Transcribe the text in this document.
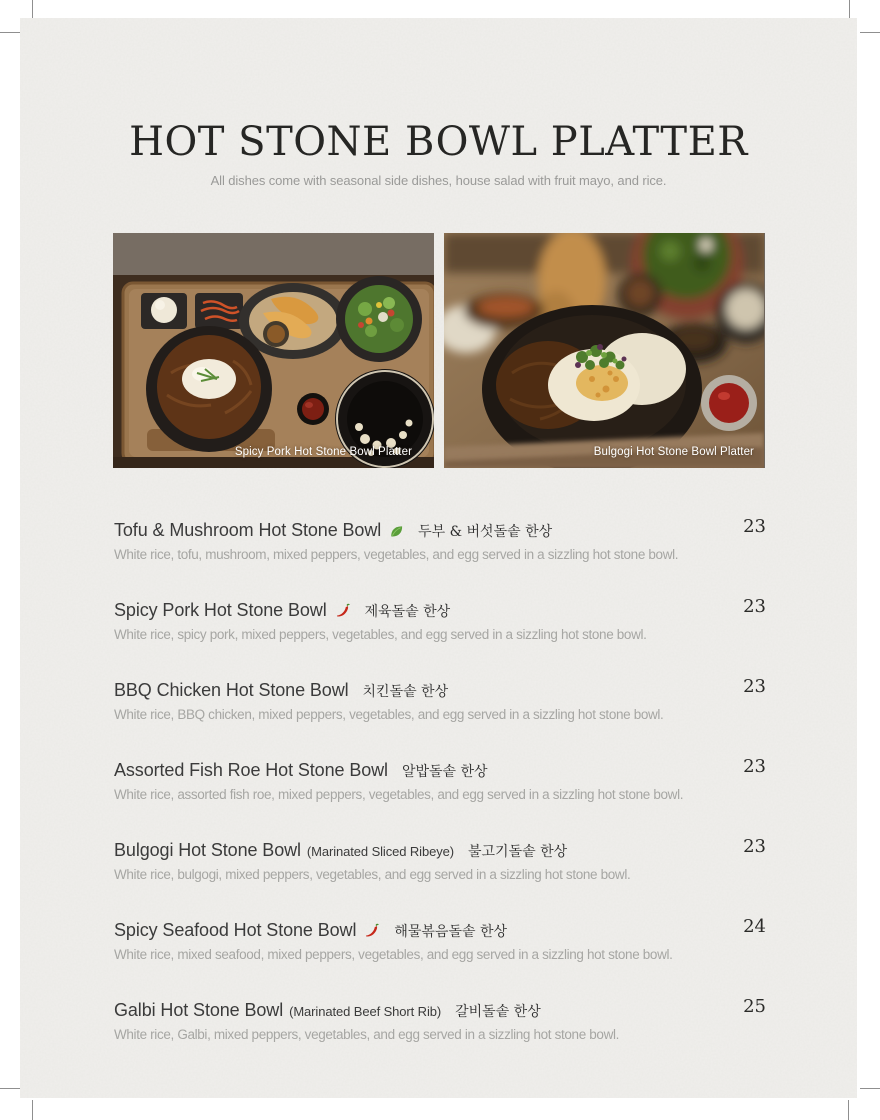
HOT STONE BOWL PLATTER
All dishes come with seasonal side dishes, house salad with fruit mayo, and rice.
Spicy Pork Hot Stone Bowl Platter	Bulgogi Hot Stone Bowl Platter
Tofu & Mushroom Hot Stone Bowl	두부 & 버섯돌솥 한상	23
White rice, tofu, mushroom, mixed peppers, vegetables, and egg served in a sizzling hot stone bowl.
Spicy Pork Hot Stone Bowl	제육돌솥 한상	23
White rice, spicy pork, mixed peppers, vegetables, and egg served in a sizzling hot stone bowl.
BBQ Chicken Hot Stone Bowl 치킨돌솥 한상	23
White rice, BBQ chicken, mixed peppers, vegetables, and egg served in a sizzling hot stone bowl.
Assorted Fish Roe Hot Stone Bowl 알밥돌솥 한상	23
White rice, assorted fish roe, mixed peppers, vegetables, and egg served in a sizzling hot stone bowl.
Bulgogi Hot Stone Bowl (Marinated Sliced Ribeye) 불고기돌솥 한상	23
White rice, bulgogi, mixed peppers, vegetables, and egg served in a sizzling hot stone bowl.
Spicy Seafood Hot Stone Bowl	해물볶음돌솥 한상	24
White rice, mixed seafood, mixed peppers, vegetables, and egg served in a sizzling hot stone bowl.
Galbi Hot Stone Bowl (Marinated Beef Short Rib) 갈비돌솥 한상	25
White rice, Galbi, mixed peppers, vegetables, and egg served in a sizzling hot stone bowl.
